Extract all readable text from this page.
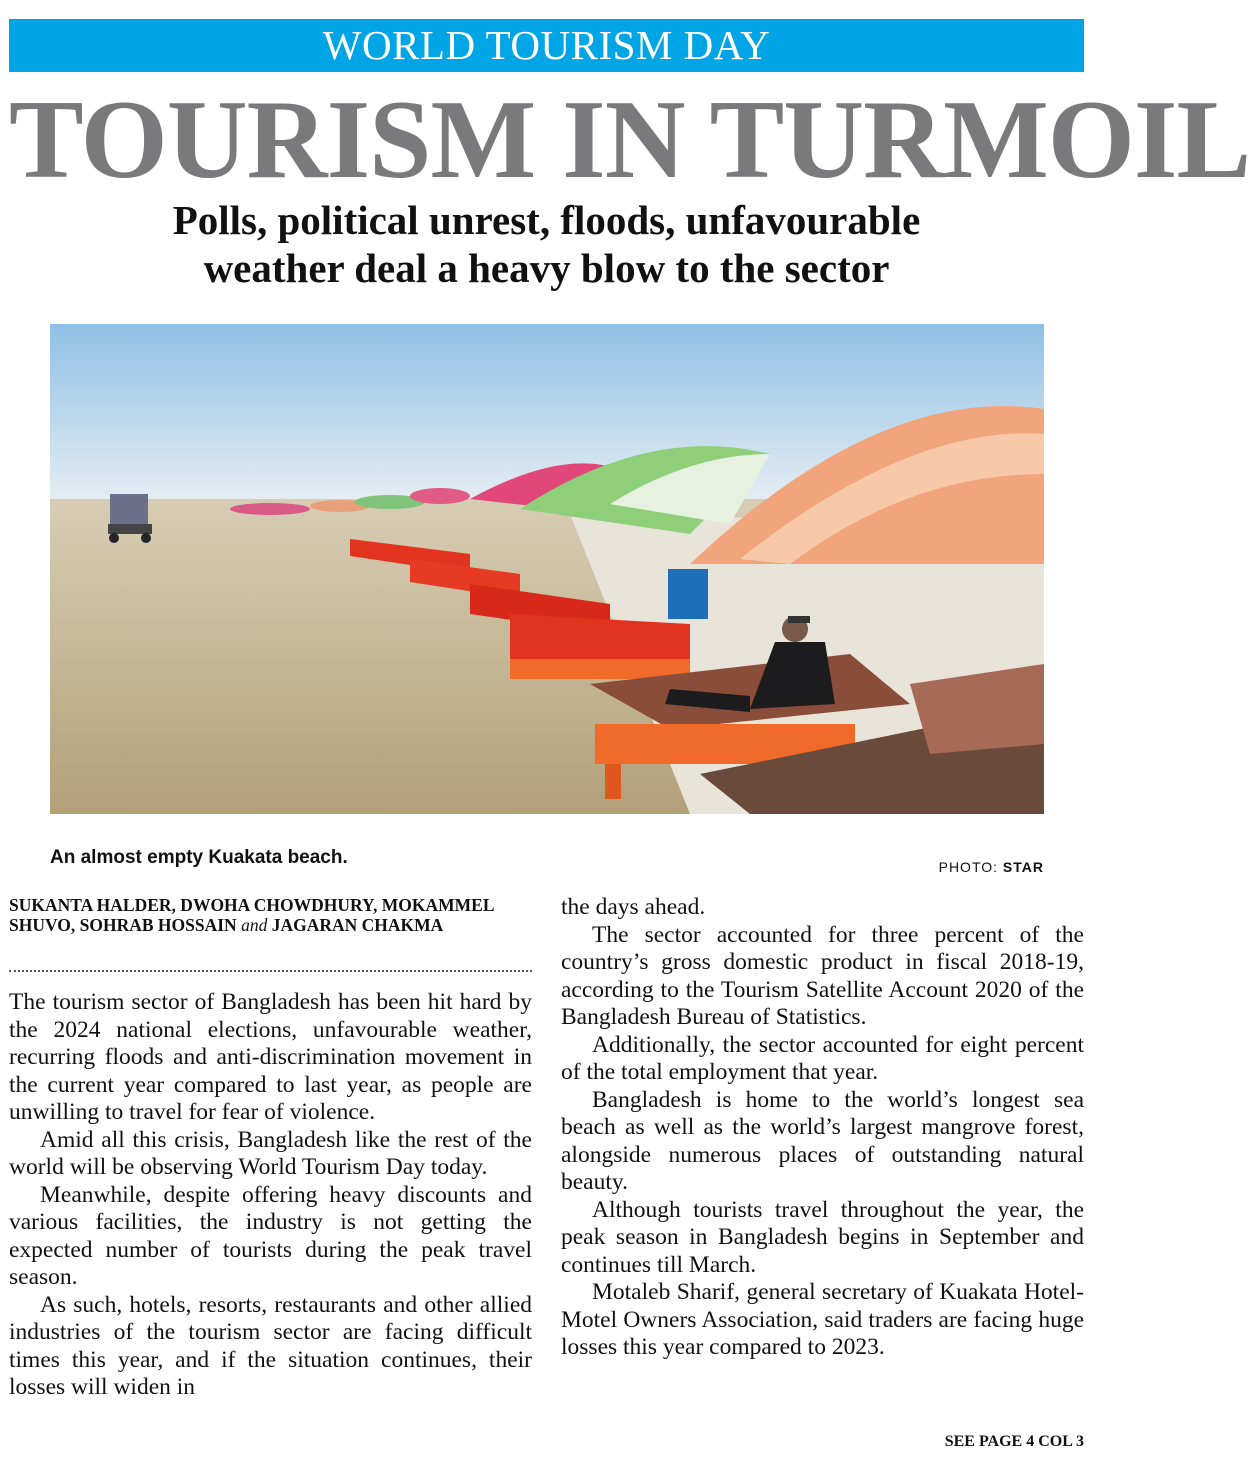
WORLD TOURISM DAY
TOURISM IN TURMOIL
Polls, political unrest, floods, unfavourable
weather deal a heavy blow to the sector
An almost empty Kuakata beach.	PHOTO: STAR
SUKANTA HALDER, DWOHA CHOWDHURY, MOKAMMEL SHUVO, SOHRAB HOSSAIN and JAGARAN CHAKMA

The tourism sector of Bangladesh has been hit hard by the 2024 national elections, unfavourable weather, recurring floods and anti-discrimination movement in the current year compared to last year, as people are unwilling to travel for fear of violence.

Amid all this crisis, Bangladesh like the rest of the world will be observing World Tourism Day today.

Meanwhile, despite offering heavy discounts and various facilities, the industry is not getting the expected number of tourists during the peak travel season.

As such, hotels, resorts, restaurants and other allied industries of the tourism sector are facing difficult times this year, and if the situation continues, their losses will widen in

the days ahead.

The sector accounted for three percent of the country’s gross domestic product in fiscal 2018-19, according to the Tourism Satellite Account 2020 of the Bangladesh Bureau of Statistics.

Additionally, the sector accounted for eight percent of the total employment that year.

Bangladesh is home to the world’s longest sea beach as well as the world’s largest mangrove forest, alongside numerous places of outstanding natural beauty.

Although tourists travel throughout the year, the peak season in Bangladesh begins in September and continues till March.

Motaleb Sharif, general secretary of Kuakata Hotel-Motel Owners Association, said traders are facing huge losses this year compared to 2023.

SEE PAGE 4 COL 3
